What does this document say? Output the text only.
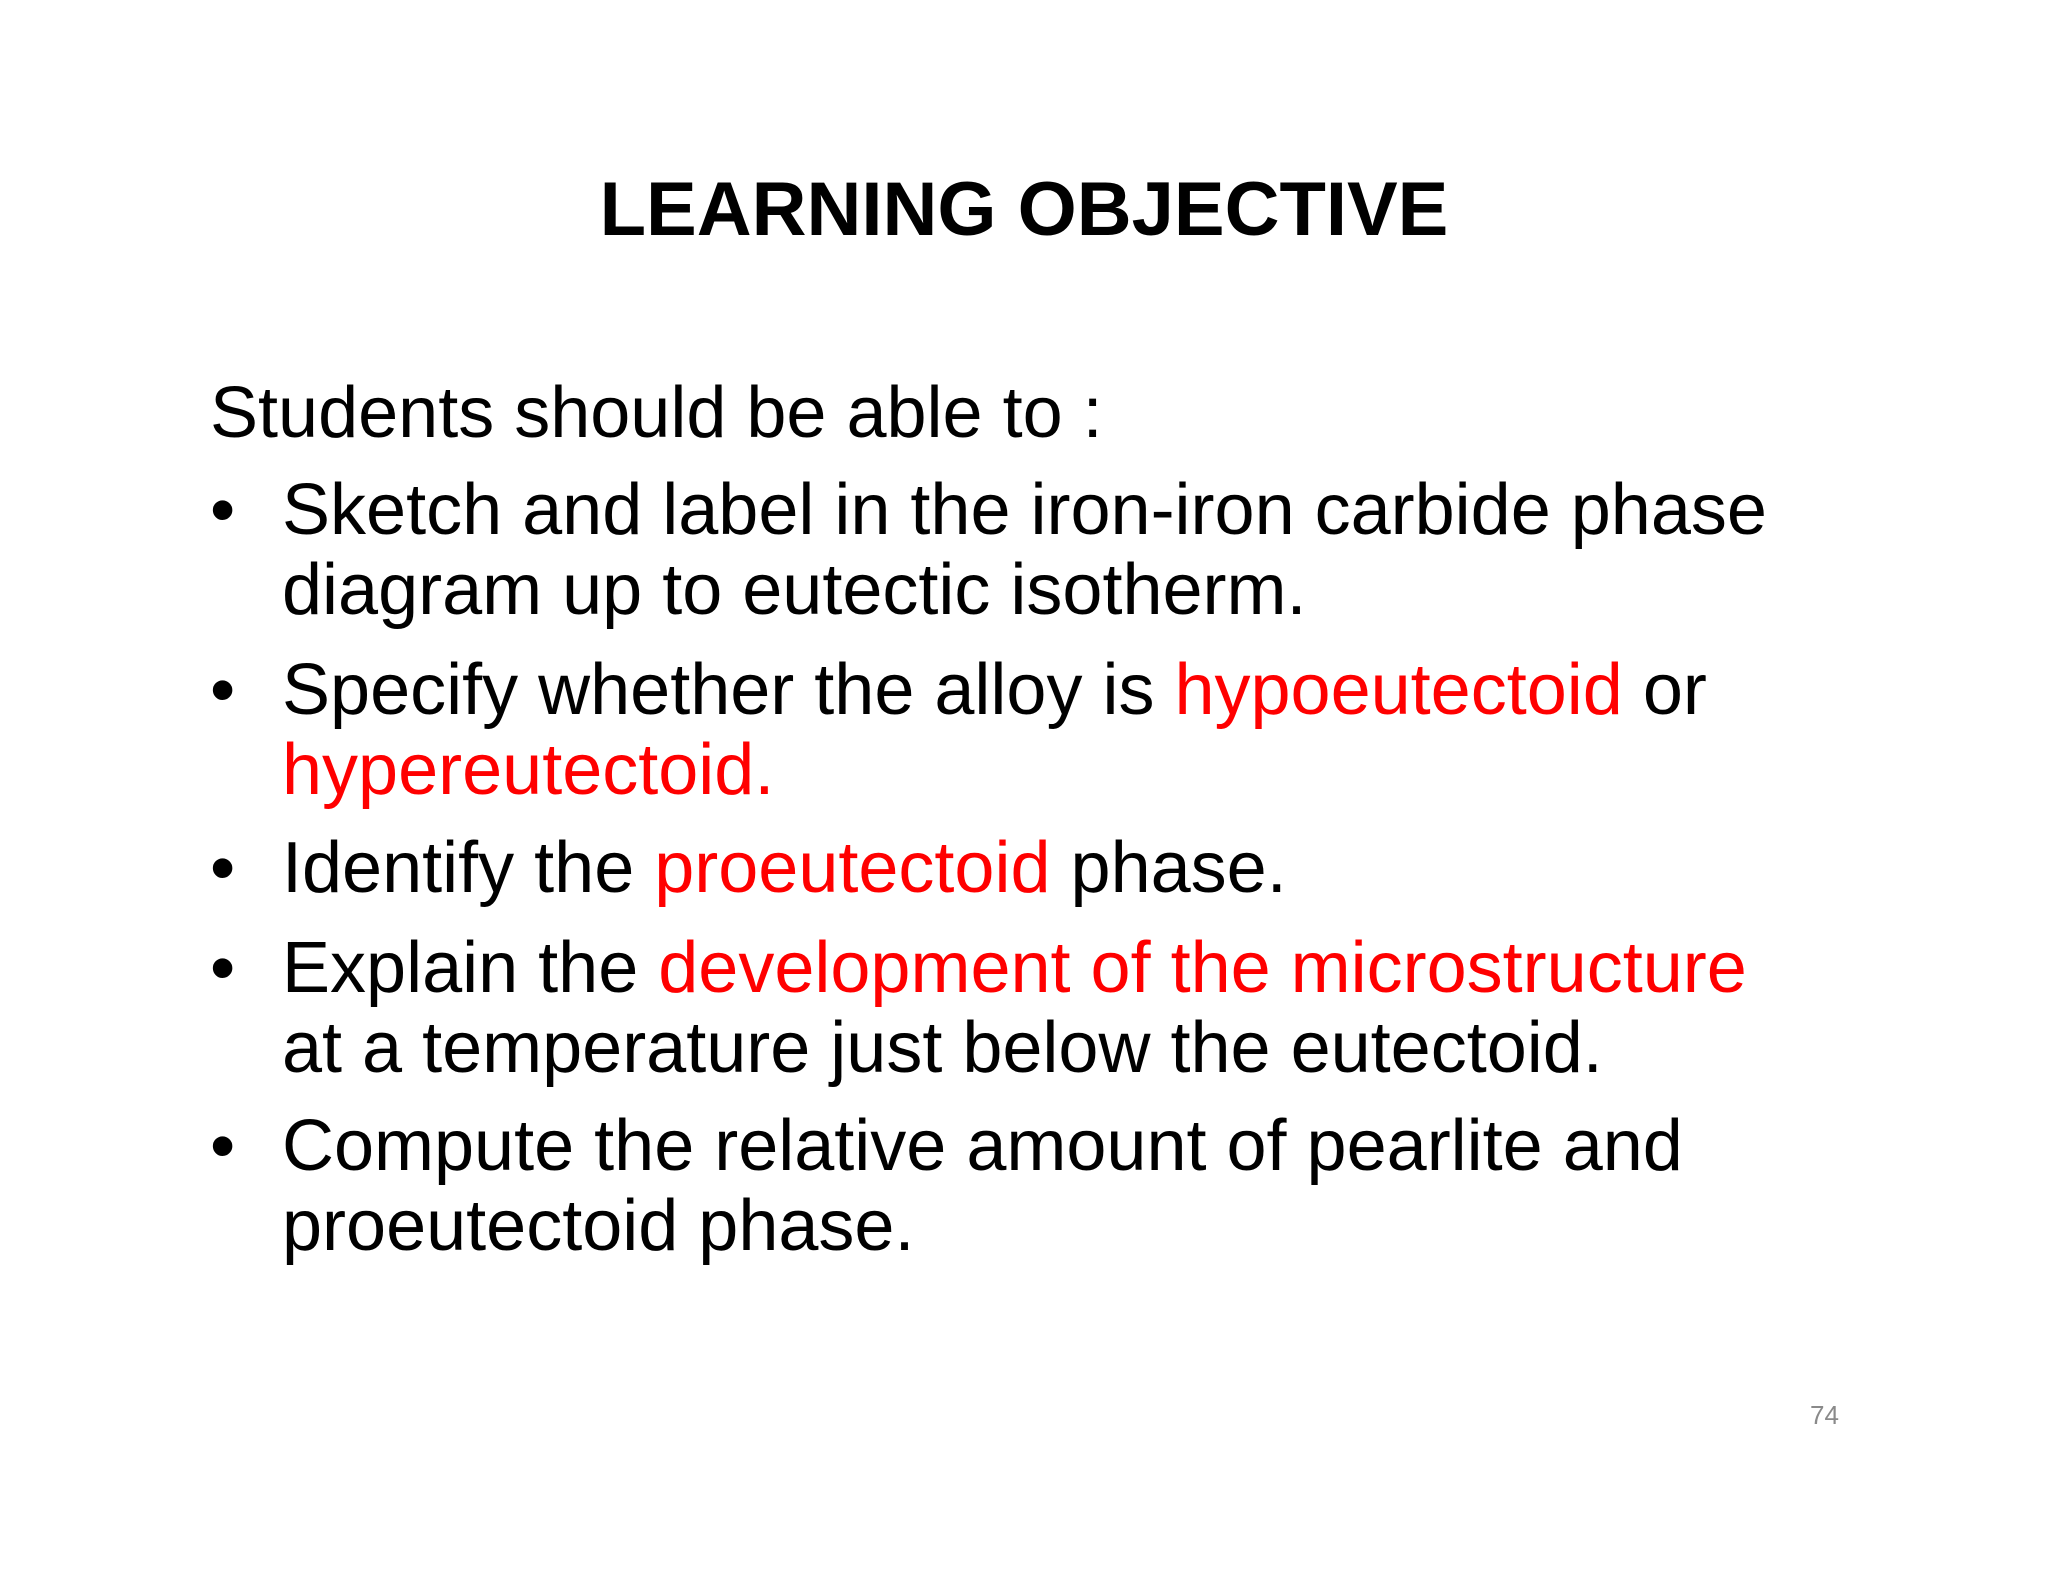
LEARNING OBJECTIVE
Students should be able to :
• Sketch and label in the iron-iron carbide phase
diagram up to eutectic isotherm.
• Specify whether the alloy is hypoeutectoid or
hypereutectoid.
• Identify the proeutectoid phase.
• Explain the development of the microstructure
at a temperature just below the eutectoid.
• Compute the relative amount of pearlite and
proeutectoid phase.
74
